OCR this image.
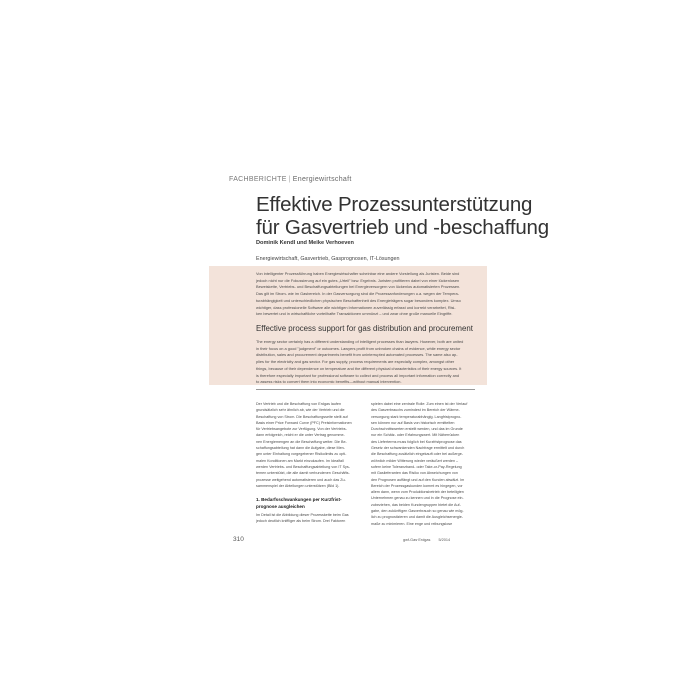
FACHBERICHTE | Energiewirtschaft
Effektive Prozessunterstützung
für Gasvertrieb und -beschaffung
Dominik Kendl und Meike Verhoeven
Energiewirtschaft, Gasvertrieb, Gasprognosen, IT-Lösungen
Von intelligenter Prozessführung haben Energiewirtschafter scheinbar eine andere Vorstellung als Juristen. Beide sind
jedoch nicht nur die Fokussierung auf ein gutes „Urteil" bzw. Ergebnis. Juristen profitieren dabei von einer lückenlosen
Beweiskette, Vertriebs- und Beschaffungsabteilungen bei Energieversorgern von lückenlos automatisierten Prozessen.
Das gilt im Strom- wie im Gasbereich. In der Gasversorgung sind die Prozessanforderungen u.a. wegen der Tempera-
turabhängigkeit und unterschiedlichen physischen Beschaffenheit des Energieträgers sogar besonders komplex. Umso
wichtiger, dass professionelle Software alle wichtigen Informationen zuverlässig erfasst und korrekt verarbeitet, Risi-
ken bewertet und in wirtschaftliche vorteilhafte Transaktionen ummünzt – und zwar ohne große manuelle Eingriffe.
Effective process support for gas distribution and procurement
The energy sector certainly has a different understanding of intelligent processes than lawyers. However, both are united
in their focus on a good "judgment" or outcomes. Lawyers profit from unbroken chains of evidence, while energy sector
distribution, sales and procurement departments benefit from uninterrupted automated processes. The same also ap-
plies for the electricity and gas sector. For gas supply, process requirements are especially complex, amongst other
things, because of their dependence on temperature and the different physical characteristics of their energy sources. It
is therefore especially important for professional software to collect and process all important information correctly and
to assess risks to convert them into economic benefits—without manual intervention.
Der Vertrieb und die Beschaffung von Erdgas laufen
grundsätzlich sehr ähnlich ab, wie der Vertrieb und die
Beschaffung von Strom. Die Beschaffungsseite stellt auf
Basis einer Price Forward Curve (PFC) Preisinformationen
für Vertriebsangebote zur Verfügung. Von der Vertriebs-
dann erfolgreich, reicht er die unter Vertrag genomme-
nen Energiemengen an die Beschaffung weiter. Die Be-
schaffungsabteilung hat dann die Aufgabe, diese Men-
gen unter Einhaltung vorgegebener Risikolimits zu opti-
malen Konditionen am Markt einzukaufen. Im Idealfall
werden Vertriebs- und Beschaffungsabteilung von IT Sys-
temen unterstützt, die alle damit verbundenen Geschäfts-
prozesse weitgehend automatisieren und auch das Zu-
sammenspiel der Abteilungen unterstützen (Bild 1).
1. Bedarfsschwankungen per Kurzfrist-
prognose ausgleichen
Im Detail ist die Abbildung dieser Prozesskette beim Gas
jedoch deutlich kniffliger als beim Strom. Drei Faktoren
spielen dabei eine zentrale Rolle: Zum einen ist der Verlauf
des Gasverbrauchs zumindest im Bereich der Wärme-
versorgung stark temperaturabhängig. Langfristprogno-
sen können nur auf Basis von historisch ermittelten
Durchschnittswerten erstellt werden, und das im Grunde
nur ein Schätz- oder Erfahrungswert. Mit Näherrücken
des Lieferterms muss folglich bei Kurzfristprognose das
Gesetz der schwankenden Nachfrage ermittelt und durch
die Beschaffung zusätzlich eingekauft oder bei außerge-
wöhnlich milder Witterung wieder veräußert werden –
sofern keine Toleranzband- oder Take-or-Pay-Regelung
mit Gaslieferanten das Risiko von Abweichungen von
den Prognosen auffängt und auf den Kunden abwälzt. Im
Bereich der Prozessgaskunden kommt es hingegen, vor
allem dann, wenn vom Produktionsbetrieb der beteiligten
Unternehmen genau zu kennen und in die Prognose ein-
zubeziehen, das beiden Kundengruppen bietet die Auf-
gabe, den zukünftigen Gasverbrauch so genau wie mög-
lich zu prognostizieren und damit die Ausgleichsenergie-
maße zu minimieren. Eine enge und reibungslose
310	gwf-Gas·Erdgas 5/2014
